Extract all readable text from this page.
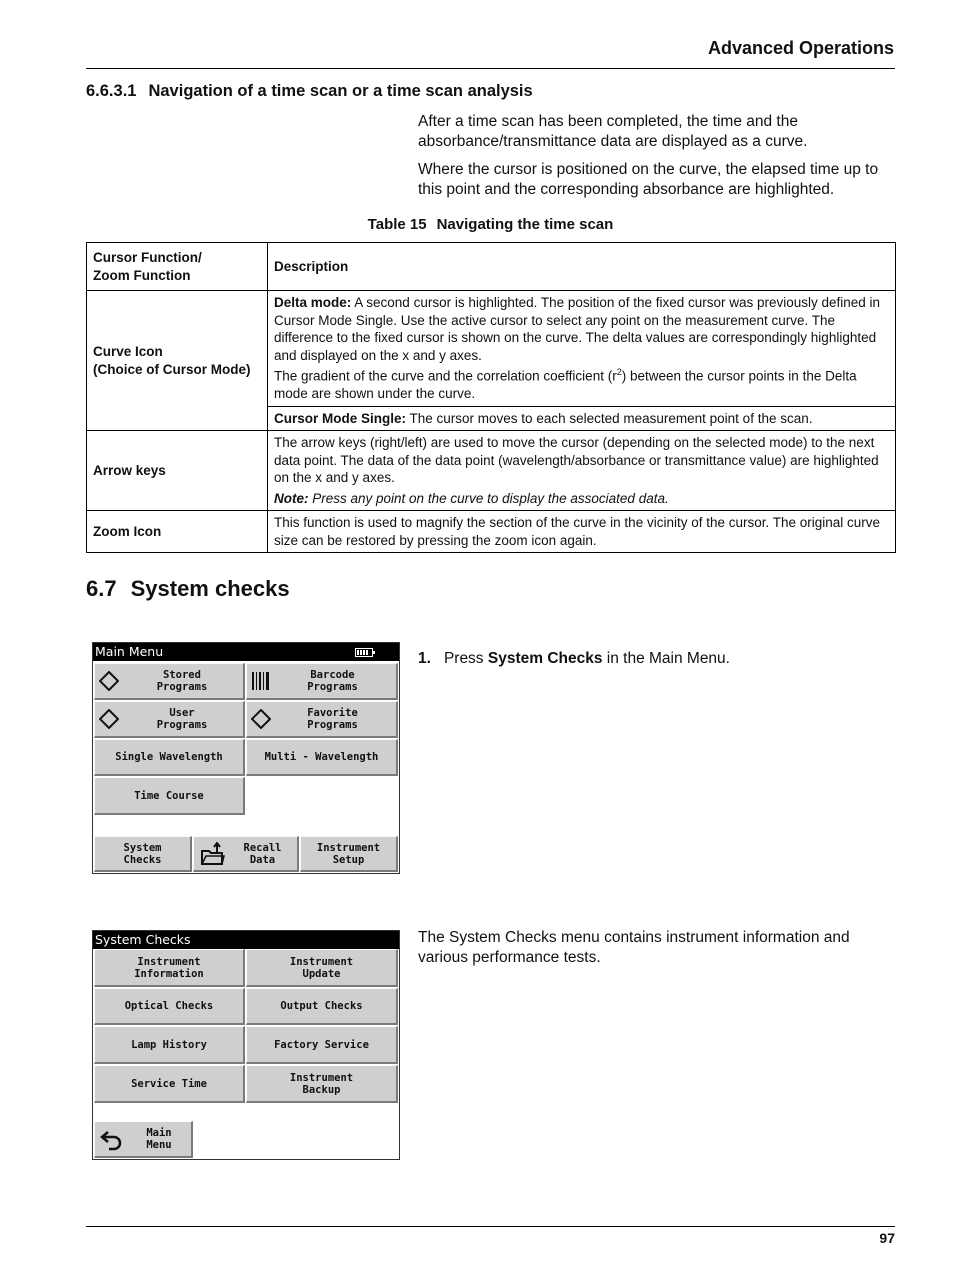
Advanced Operations
6.6.3.1 Navigation of a time scan or a time scan analysis
After a time scan has been completed, the time and the absorbance/transmittance data are displayed as a curve.
Where the cursor is positioned on the curve, the elapsed time up to this point and the corresponding absorbance are highlighted.
Table 15 Navigating the time scan
Cursor Function/
Zoom Function	Description
Curve Icon
(Choice of Cursor Mode)	Delta mode: A second cursor is highlighted. The position of the fixed cursor was previously defined in Cursor Mode Single. Use the active cursor to select any point on the measurement curve. The difference to the fixed cursor is shown on the curve. The delta values are correspondingly highlighted and displayed on the x and y axes.
The gradient of the curve and the correlation coefficient $(r^2)$ between the cursor points in the Delta mode are shown under the curve.
	Cursor Mode Single: The cursor moves to each selected measurement point of the scan.
Arrow keys	The arrow keys (right/left) are used to move the cursor (depending on the selected mode) to the next data point. The data of the data point (wavelength/absorbance or transmittance value) are highlighted on the x and y axes.
Note: Press any point on the curve to display the associated data.

Zoom Icon	This function is used to magnify the section of the curve in the vicinity of the cursor. The original curve size can be restored by pressing the zoom icon again.
6.7 System checks
Main Menu
Stored
Programs
Barcode
Programs
User
Programs
Favorite
Programs
Single Wavelength	Multi - Wavelength
Time Course
System
Checks
Recall
Data
Instrument
Setup
1. Press System Checks in the Main Menu.
System Checks
Instrument
Information
Instrument
Update
Optical Checks	Output Checks
Lamp History	Factory Service
Service Time	Instrument
Backup
Main
Menu
The System Checks menu contains instrument information and various performance tests.
97
